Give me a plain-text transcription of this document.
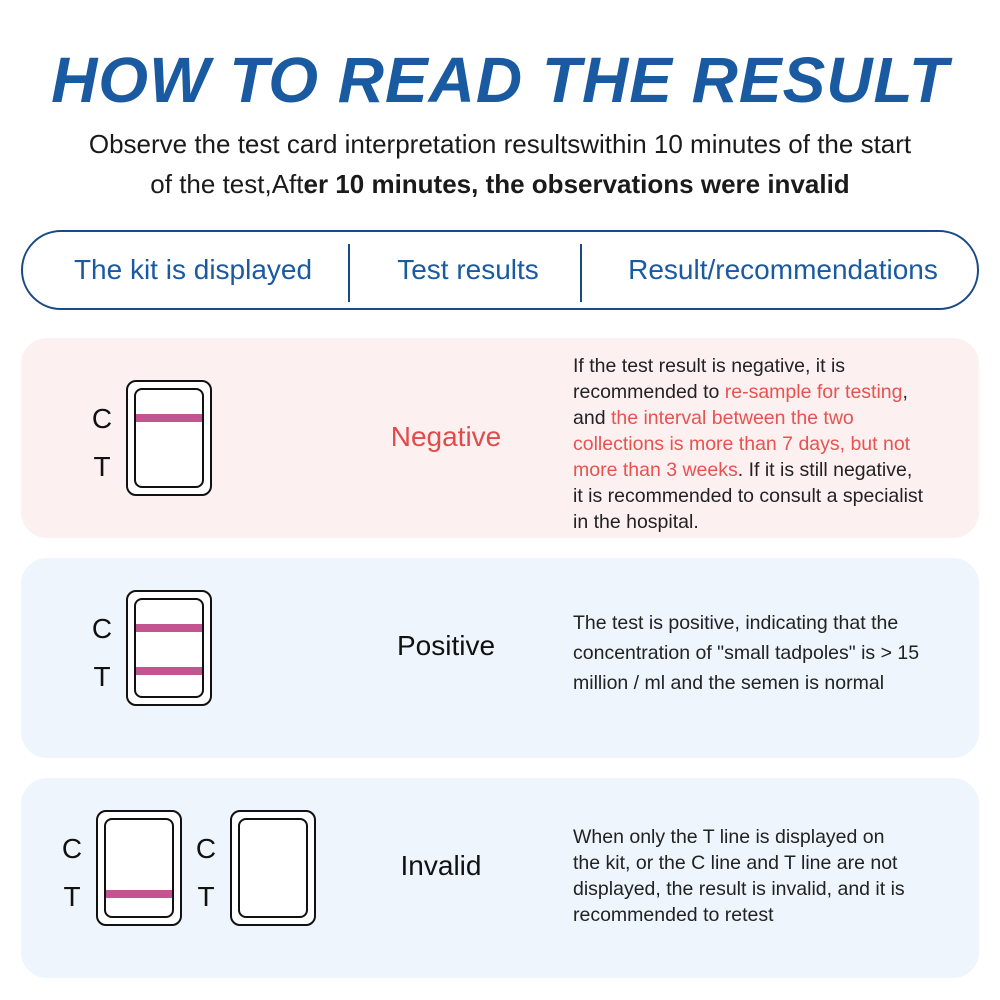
HOW TO READ THE RESULT
Observe the test card interpretation resultswithin 10 minutes of the start
of the test,After 10 minutes, the observations were invalid
The kit is displayed	Test results	Result/recommendations
C
T
Negative
If the test result is negative, it is
recommended to re-sample for testing,
and the interval between the two
collections is more than 7 days, but not
more than 3 weeks. If it is still negative,
it is recommended to consult a specialist
in the hospital.
C
T
Positive
The test is positive, indicating that the
concentration of "small tadpoles" is > 15
million / ml and the semen is normal
C
T
C
T
Invalid
When only the T line is displayed on
the kit, or the C line and T line are not
displayed, the result is invalid, and it is
recommended to retest
